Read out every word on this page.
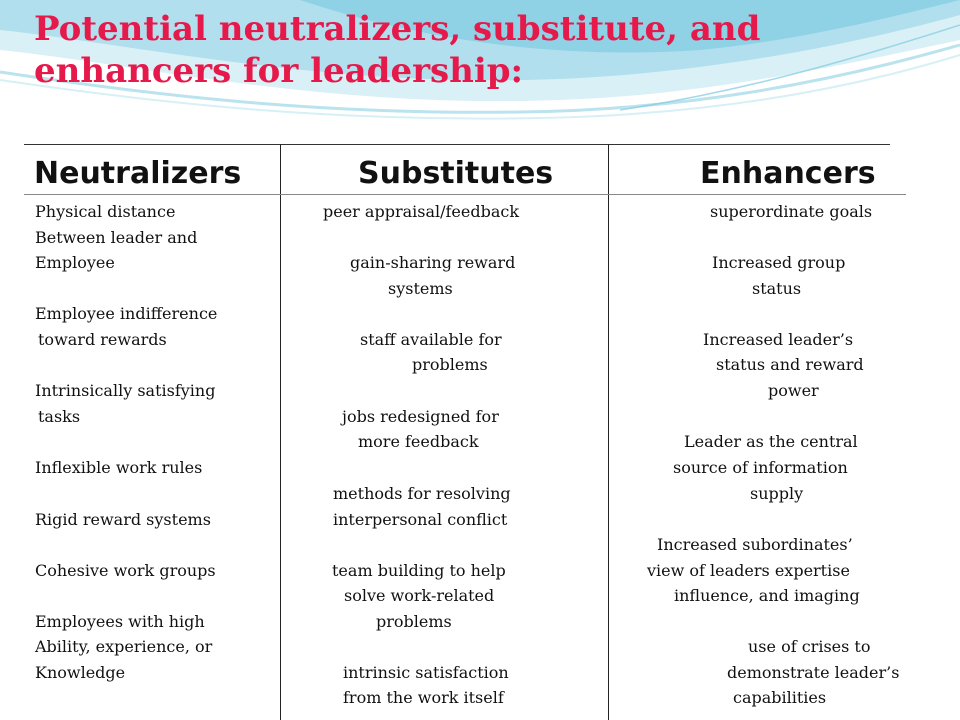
Potential neutralizers, substitute, and
enhancers for leadership:
Neutralizers	Substitutes	Enhancers
Physical distance
Between leader and
Employee
Employee indifference
toward rewards
Intrinsically satisfying
tasks
Inflexible work rules
Rigid reward systems
Cohesive work groups
Employees with high
Ability, experience, or
Knowledge
peer appraisal/feedback
gain-sharing reward
systems
staff available for
problems
jobs redesigned for
more feedback
methods for resolving
interpersonal conflict
team building to help
solve work-related
problems
intrinsic satisfaction
from the work itself
superordinate goals
Increased group
status
Increased leader’s
status and reward
power
Leader as the central
source of information
supply
Increased subordinates’
view of leaders expertise
influence, and imaging
use of crises to
demonstrate leader’s
capabilities
